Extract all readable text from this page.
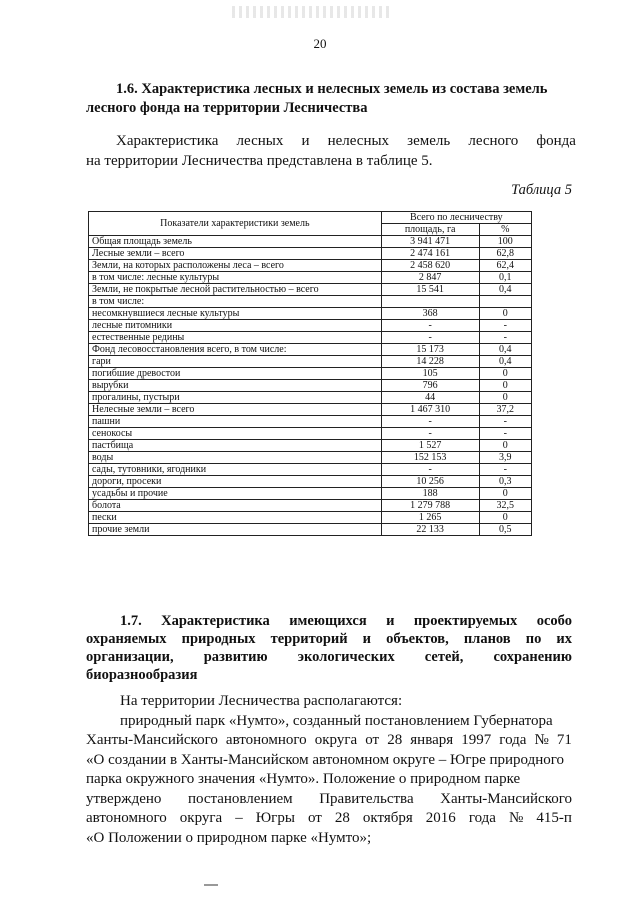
20
1.6. Характеристика лесных и нелесных земель из состава земель
лесного фонда на территории Лесничества
Характеристика лесных и нелесных земель лесного фонда
на территории Лесничества представлена в таблице 5.
Таблица 5
Показатели характеристики земель	Всего по лесничеству	
	площадь, га	%
Общая площадь земель	3 941 471	100
Лесные земли – всего	2 474 161	62,8
Земли, на которых расположены леса – всего	2 458 620	62,4
в том числе: лесные культуры	2 847	0,1
Земли, не покрытые лесной растительностью – всего	15 541	0,4
в том числе:		
несомкнувшиеся лесные культуры	368	0
лесные питомники	-	-
естественные редины	-	-
Фонд лесовосстановления всего, в том числе:	15 173	0,4
гари	14 228	0,4
погибшие древостои	105	0
вырубки	796	0
прогалины, пустыри	44	0
Нелесные земли – всего	1 467 310	37,2
пашни	-	-
сенокосы	-	-
пастбища	1 527	0
воды	152 153	3,9
сады, тутовники, ягодники	-	-
дороги, просеки	10 256	0,3
усадьбы и прочие	188	0
болота	1 279 788	32,5
пески	1 265	0
прочие земли	22 133	0,5
1.7. Характеристика имеющихся и проектируемых особо
охраняемых природных территорий и объектов, планов по их
организации, развитию экологических сетей, сохранению
биоразнообразия
На территории Лесничества располагаются:
природный парк «Нумто», созданный постановлением Губернатора
Ханты-Мансийского автономного округа от 28 января 1997 года № 71
«О создании в Ханты-Мансийском автономном округе – Югре природного
парка окружного значения «Нумто». Положение о природном парке
утверждено постановлением Правительства Ханты-Мансийского
автономного округа – Югры от 28 октября 2016 года № 415-п
«О Положении о природном парке «Нумто»;
